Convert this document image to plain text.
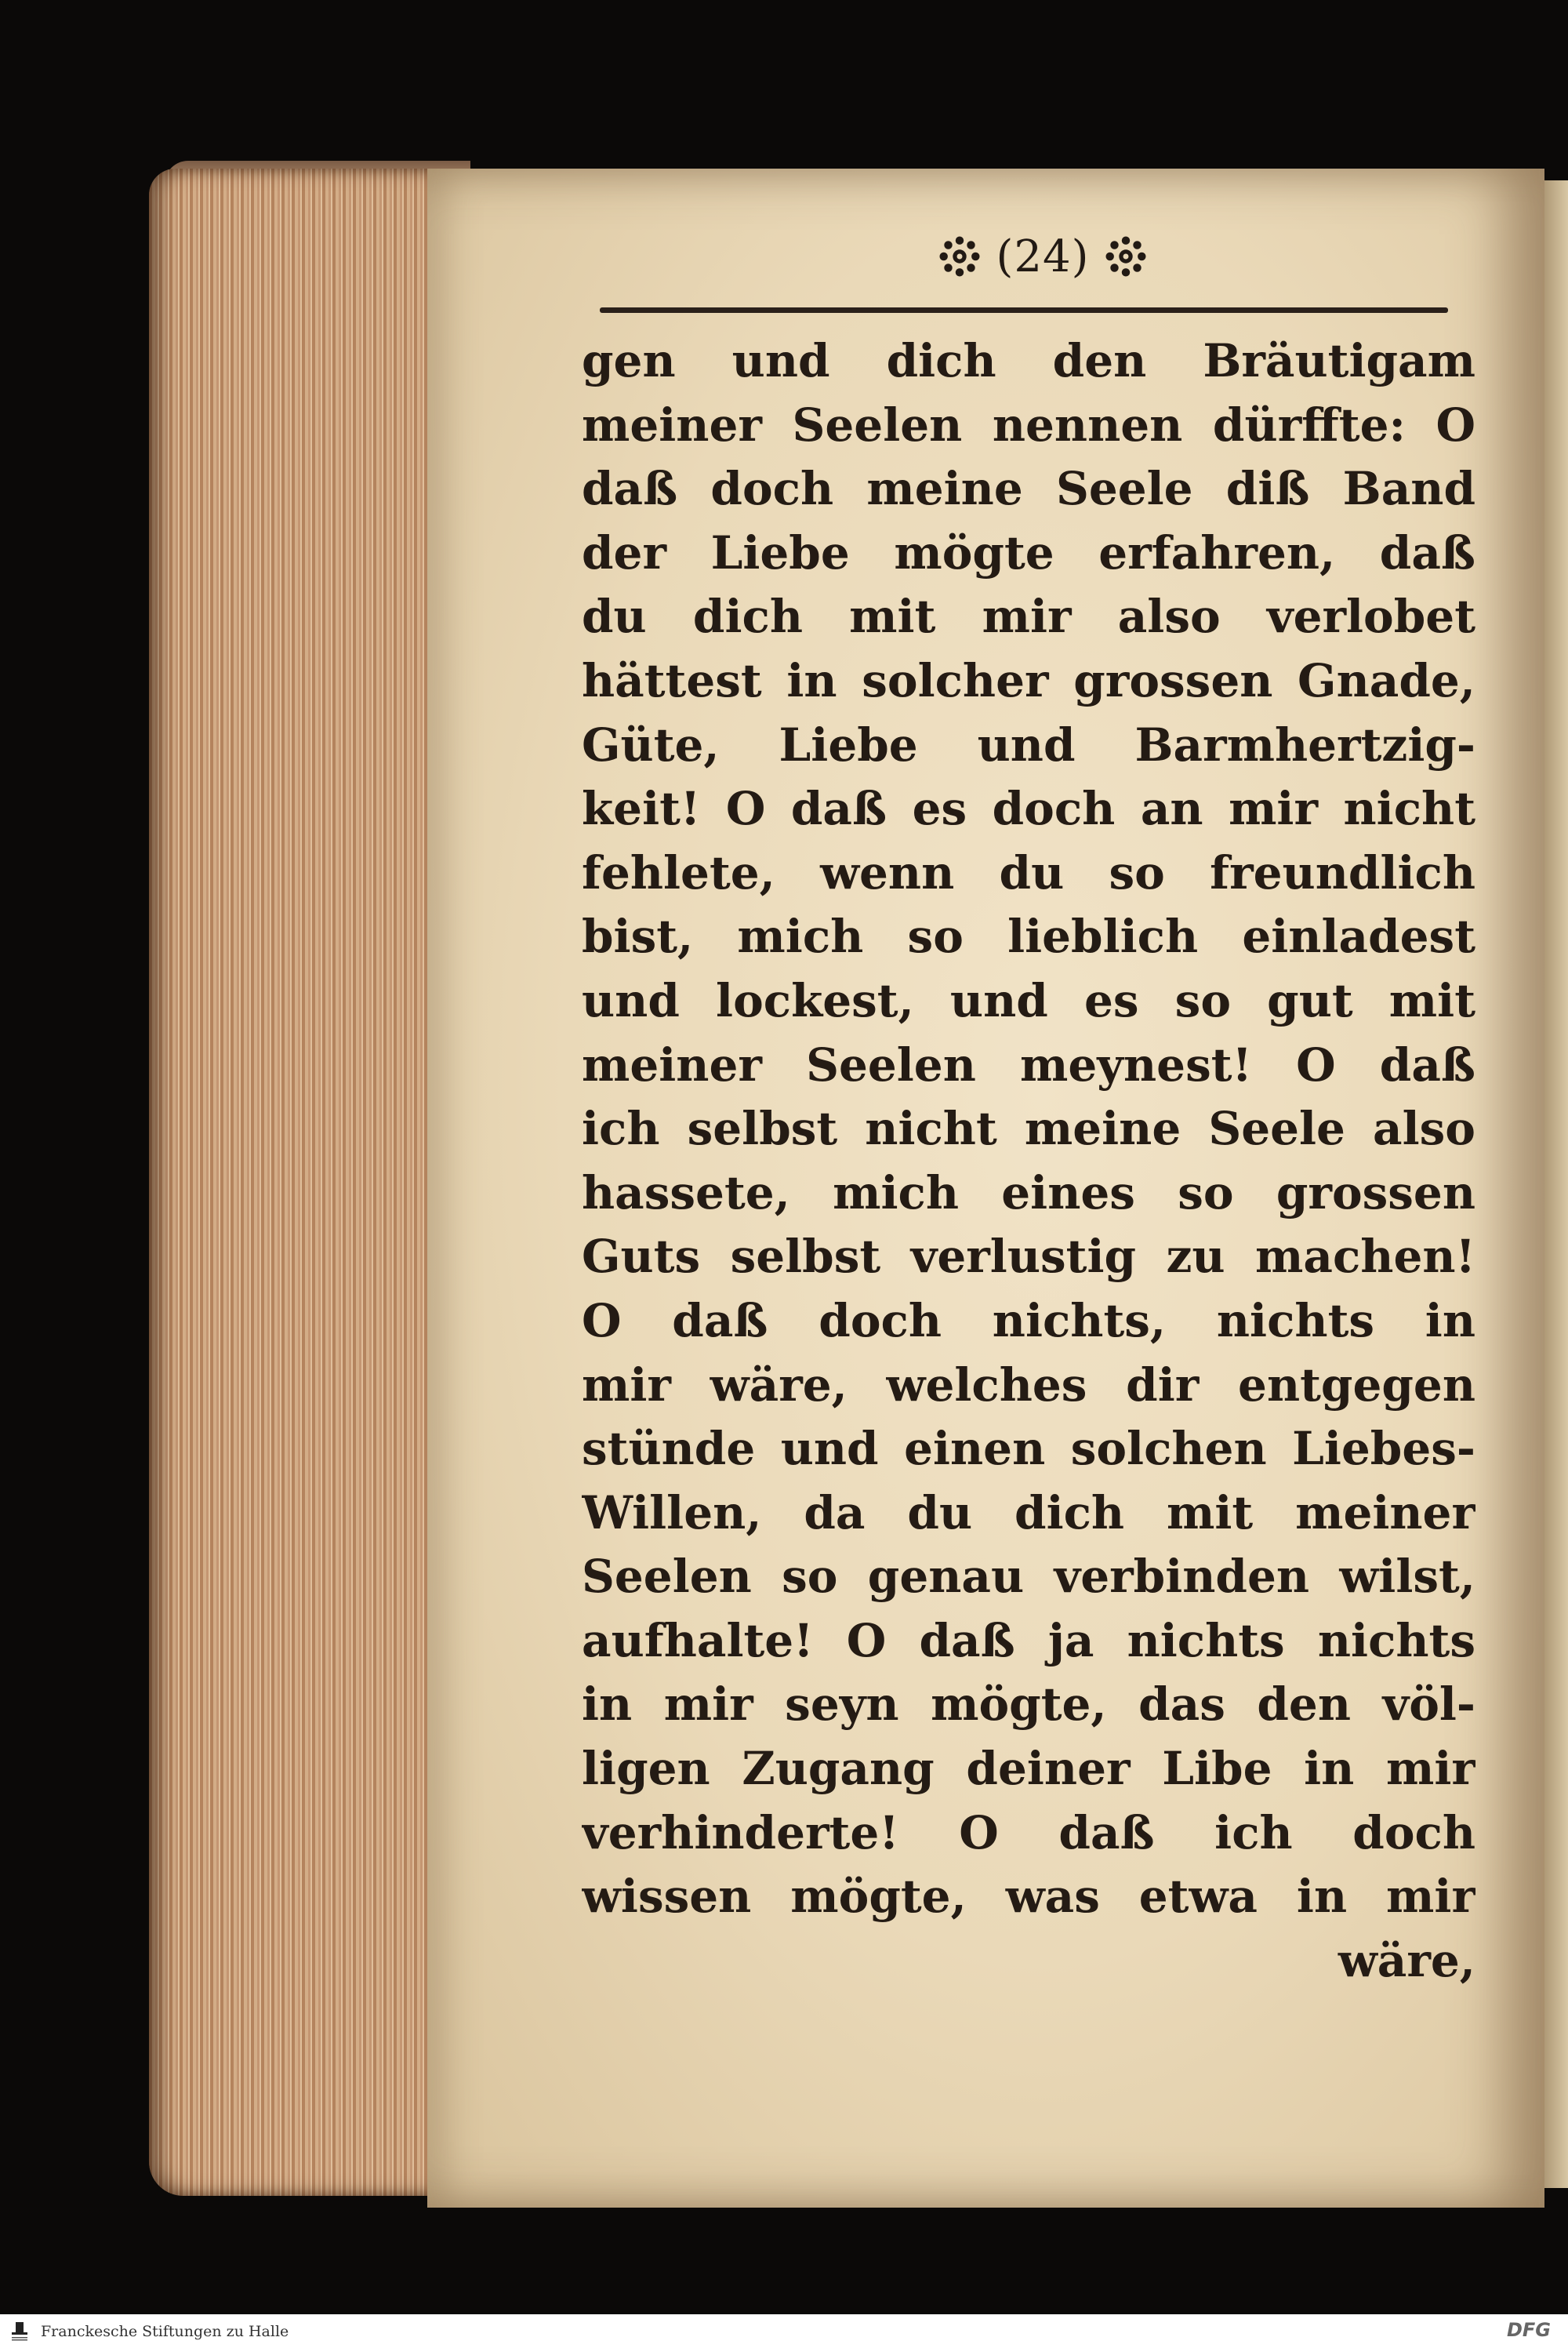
(24)
gen und dich den Bräutigam
meiner Seelen nennen dürffte: O
daß doch meine Seele diß Band
der Liebe mögte erfahren, daß
du dich mit mir also verlobet
hättest in solcher grossen Gnade,
Güte, Liebe und Barmhertzig-
keit! O daß es doch an mir nicht
fehlete, wenn du so freundlich
bist, mich so lieblich einladest
und lockest, und es so gut mit
meiner Seelen meynest! O daß
ich selbst nicht meine Seele also
hassete, mich eines so grossen
Guts selbst verlustig zu machen!
O daß doch nichts, nichts in
mir wäre, welches dir entgegen
stünde und einen solchen Liebes-
Willen, da du dich mit meiner
Seelen so genau verbinden wilst,
aufhalte! O daß ja nichts nichts
in mir seyn mögte, das den völ-
ligen Zugang deiner Libe in mir
verhinderte! O daß ich doch
wissen mögte, was etwa in mir
wäre,
Franckesche Stiftungen zu Halle	DFG
